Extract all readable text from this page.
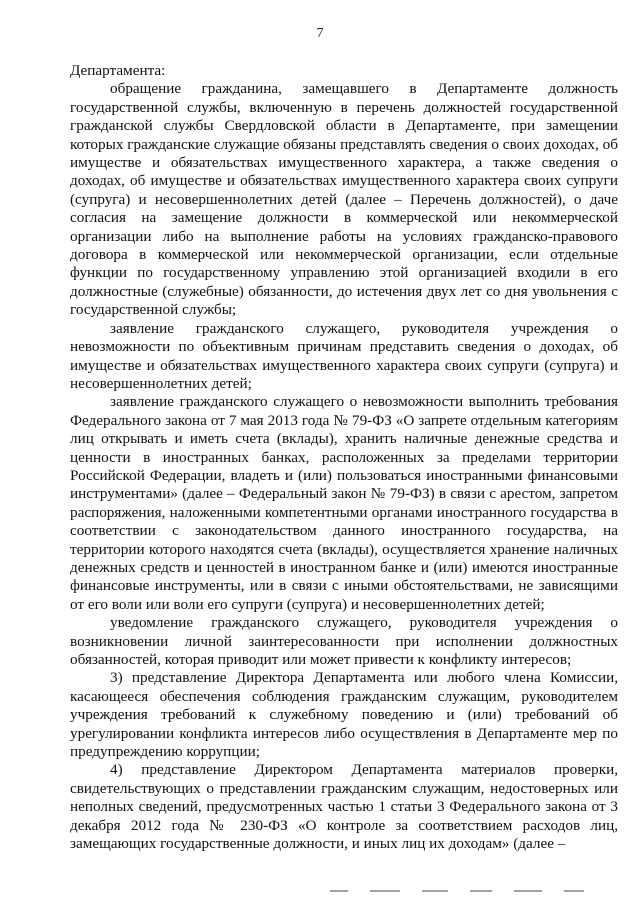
7

Департамента:

обращение гражданина, замещавшего в Департаменте должность государственной службы, включенную в перечень должностей государственной гражданской службы Свердловской области в Департаменте, при замещении которых гражданские служащие обязаны представлять сведения о своих доходах, об имуществе и обязательствах имущественного характера, а также сведения о доходах, об имуществе и обязательствах имущественного характера своих супруги (супруга) и несовершеннолетних детей (далее – Перечень должностей), о даче согласия на замещение должности в коммерческой или некоммерческой организации либо на выполнение работы на условиях гражданско-правового договора в коммерческой или некоммерческой организации, если отдельные функции по государственному управлению этой организацией входили в его должностные (служебные) обязанности, до истечения двух лет со дня увольнения с государственной службы;

заявление гражданского служащего, руководителя учреждения о невозможности по объективным причинам представить сведения о доходах, об имуществе и обязательствах имущественного характера своих супруги (супруга) и несовершеннолетних детей;

заявление гражданского служащего о невозможности выполнить требования Федерального закона от 7 мая 2013 года № 79-ФЗ «О запрете отдельным категориям лиц открывать и иметь счета (вклады), хранить наличные денежные средства и ценности в иностранных банках, расположенных за пределами территории Российской Федерации, владеть и (или) пользоваться иностранными финансовыми инструментами» (далее – Федеральный закон № 79-ФЗ) в связи с арестом, запретом распоряжения, наложенными компетентными органами иностранного государства в соответствии с законодательством данного иностранного государства, на территории которого находятся счета (вклады), осуществляется хранение наличных денежных средств и ценностей в иностранном банке и (или) имеются иностранные финансовые инструменты, или в связи с иными обстоятельствами, не зависящими от его воли или воли его супруги (супруга) и несовершеннолетних детей;

уведомление гражданского служащего, руководителя учреждения о возникновении личной заинтересованности при исполнении должностных обязанностей, которая приводит или может привести к конфликту интересов;

3) представление Директора Департамента или любого члена Комиссии, касающееся обеспечения соблюдения гражданским служащим, руководителем учреждения требований к служебному поведению и (или) требований об урегулировании конфликта интересов либо осуществления в Департаменте мер по предупреждению коррупции;

4) представление Директором Департамента материалов проверки, свидетельствующих о представлении гражданским служащим, недостоверных или неполных сведений, предусмотренных частью 1 статьи 3 Федерального закона от 3 декабря 2012 года № 230-ФЗ «О контроле за соответствием расходов лиц, замещающих государственные должности, и иных лиц их доходам» (далее –
